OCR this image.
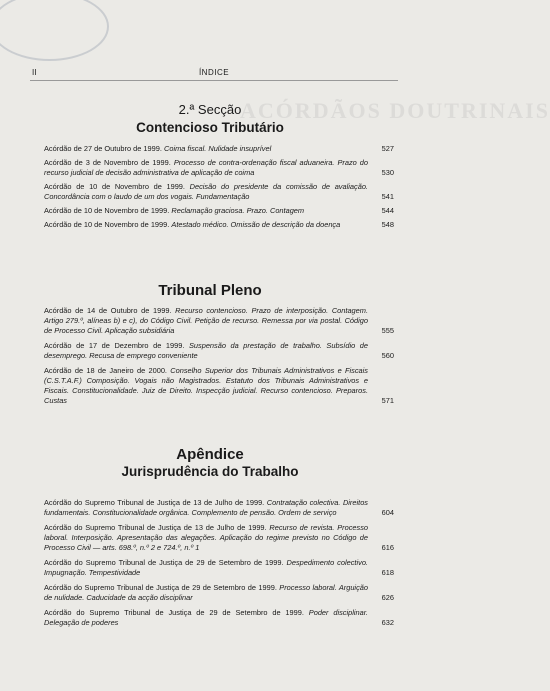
ACÓRDÃOS DOUTRINAIS
II	ÍNDICE
2.ª Secção
Contencioso Tributário
Acórdão de 27 de Outubro de 1999. Coima fiscal. Nulidade insuprível	527
Acórdão de 3 de Novembro de 1999. Processo de contra-ordenação fiscal aduaneira. Prazo do recurso judicial de decisão administrativa de aplicação de coima	530
Acórdão de 10 de Novembro de 1999. Decisão do presidente da comissão de avaliação. Concordância com o laudo de um dos vogais. Fundamentação	541
Acórdão de 10 de Novembro de 1999. Reclamação graciosa. Prazo. Contagem	544
Acórdão de 10 de Novembro de 1999. Atestado médico. Omissão de descrição da doença	548
Tribunal Pleno
Acórdão de 14 de Outubro de 1999. Recurso contencioso. Prazo de interposição. Contagem. Artigo 279.º, alíneas b) e c), do Código Civil. Petição de recurso. Remessa por via postal. Código de Processo Civil. Aplicação subsidiária	555
Acórdão de 17 de Dezembro de 1999. Suspensão da prestação de trabalho. Subsídio de desemprego. Recusa de emprego conveniente	560
Acórdão de 18 de Janeiro de 2000. Conselho Superior dos Tribunais Administrativos e Fiscais (C.S.T.A.F.) Composição. Vogais não Magistrados. Estatuto dos Tribunais Administrativos e Fiscais. Constitucionalidade. Juiz de Direito. Inspecção judicial. Recurso contencioso. Preparos. Custas	571
Apêndice
Jurisprudência do Trabalho
Acórdão do Supremo Tribunal de Justiça de 13 de Julho de 1999. Contratação colectiva. Direitos fundamentais. Constitucionalidade orgânica. Complemento de pensão. Ordem de serviço	604
Acórdão do Supremo Tribunal de Justiça de 13 de Julho de 1999. Recurso de revista. Processo laboral. Interposição. Apresentação das alegações. Aplicação do regime previsto no Código de Processo Civil — arts. 698.º, n.º 2 e 724.º, n.º 1	616
Acórdão do Supremo Tribunal de Justiça de 29 de Setembro de 1999. Despedimento colectivo. Impugnação. Tempestividade	618
Acórdão do Supremo Tribunal de Justiça de 29 de Setembro de 1999. Processo laboral. Arguição de nulidade. Caducidade da acção disciplinar	626
Acórdão do Supremo Tribunal de Justiça de 29 de Setembro de 1999. Poder disciplinar. Delegação de poderes	632
